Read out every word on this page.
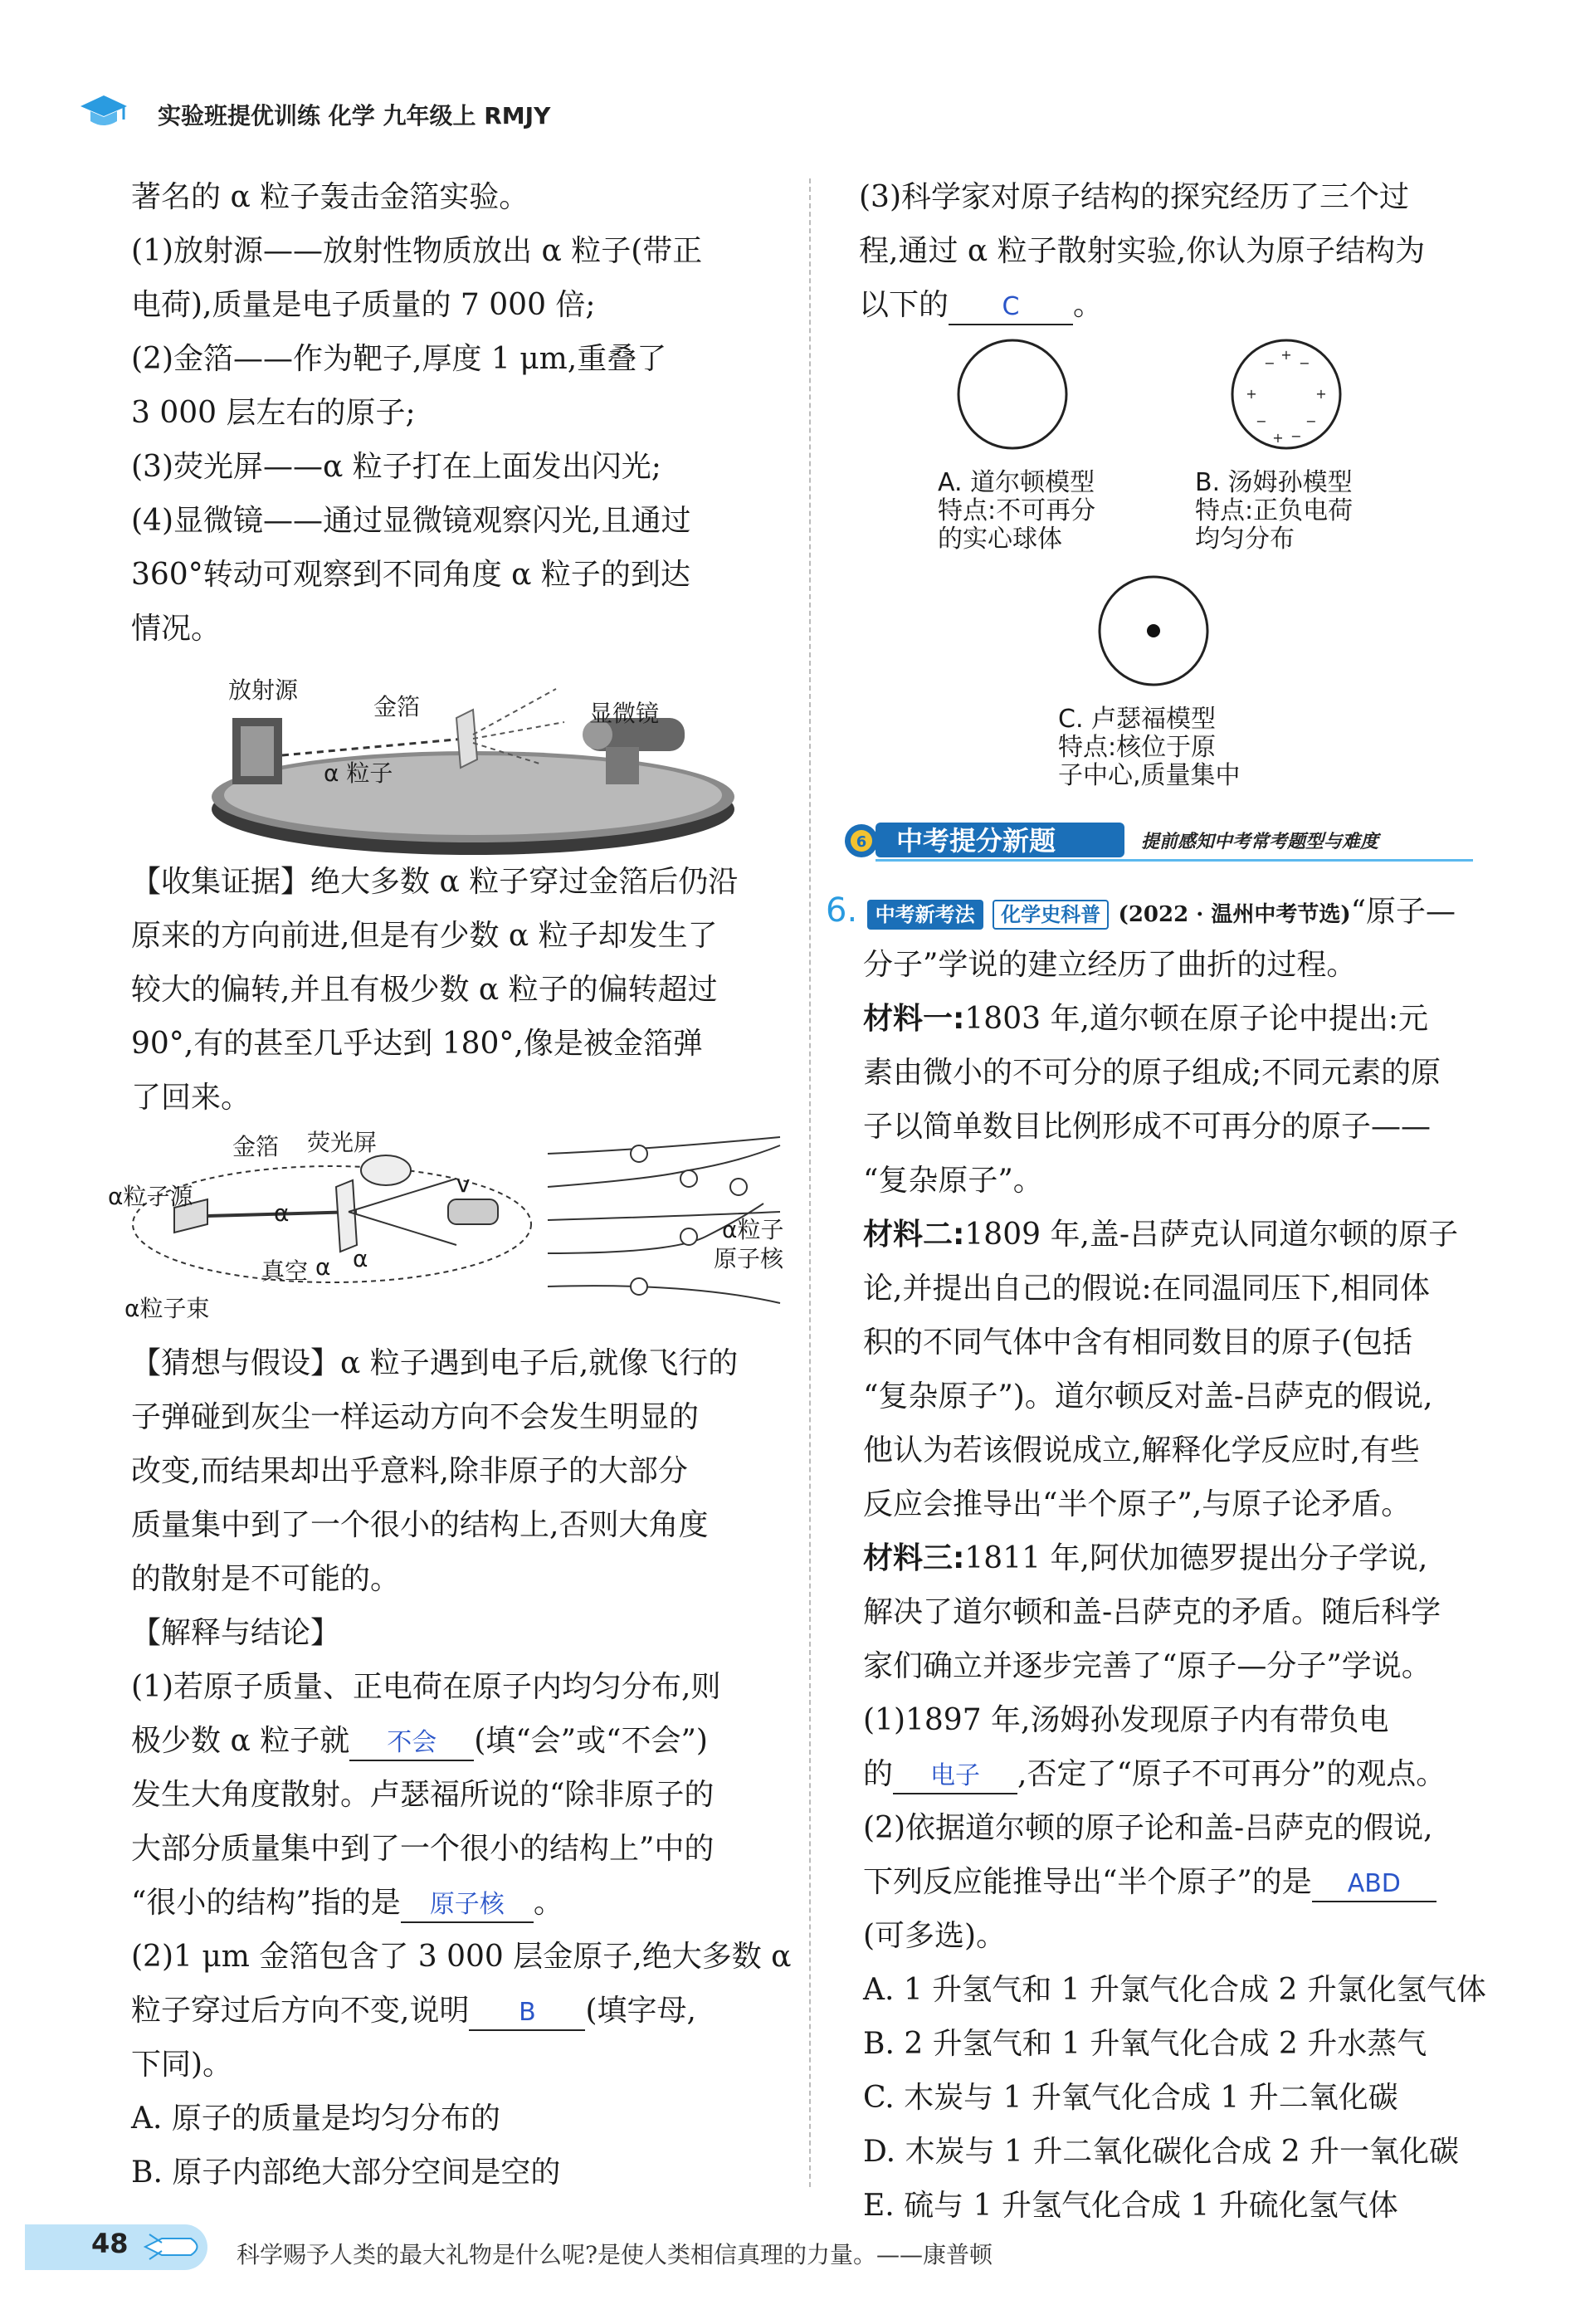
实验班提优训练 化学 九年级上 RMJY

著名的 α 粒子轰击金箔实验。

(1)放射源——放射性物质放出 α 粒子(带正

电荷),质量是电子质量的 7 000 倍;

(2)金箔——作为靶子,厚度 1 μm,重叠了

3 000 层左右的原子;

(3)荧光屏——α 粒子打在上面发出闪光;

(4)显微镜——通过显微镜观察闪光,且通过

360°转动可观察到不同角度 α 粒子的到达

情况。

放射源
金箔	显微镜
α 粒子

【收集证据】绝大多数 α 粒子穿过金箔后仍沿

原来的方向前进,但是有少数 α 粒子却发生了

较大的偏转,并且有极少数 α 粒子的偏转超过

90°,有的甚至几乎达到 180°,像是被金箔弹

了回来。

金箔 荧光屏
α粒子源	v
α
真空 α α
α粒子束
α粒子
原子核

【猜想与假设】α 粒子遇到电子后,就像飞行的

子弹碰到灰尘一样运动方向不会发生明显的

改变,而结果却出乎意料,除非原子的大部分

质量集中到了一个很小的结构上,否则大角度

的散射是不可能的。

【解释与结论】

(1)若原子质量、正电荷在原子内均匀分布,则

极少数 α 粒子就 不会 (填“会”或“不会”)

发生大角度散射。卢瑟福所说的“除非原子的

大部分质量集中到了一个很小的结构上”中的

“很小的结构”指的是 原子核 。

(2)1 μm 金箔包含了 3 000 层金原子,绝大多数 α

粒子穿过后方向不变,说明 B (填字母,

下同)。

A. 原子的质量是均匀分布的

B. 原子内部绝大部分空间是空的

(3)科学家对原子结构的探究经历了三个过

程,通过 α 粒子散射实验,你认为原子结构为

以下的 C 。

A. 道尔顿模型
特点:不可再分
的实心球体
+
− −
+	+
−	−
+ −
B. 汤姆孙模型
特点:正负电荷
均匀分布
C. 卢瑟福模型
特点:核位于原
子中心,质量集中
6 中考提分新题	提前感知中考常考题型与难度

6. 中考新考法 化学史科普 (2022 · 温州中考节选)“原子—

分子”学说的建立经历了曲折的过程。

材料一:1803 年,道尔顿在原子论中提出:元

素由微小的不可分的原子组成;不同元素的原

子以简单数目比例形成不可再分的原子——

“复杂原子”。

材料二:1809 年,盖-吕萨克认同道尔顿的原子

论,并提出自己的假说:在同温同压下,相同体

积的不同气体中含有相同数目的原子(包括

“复杂原子”)。道尔顿反对盖-吕萨克的假说,

他认为若该假说成立,解释化学反应时,有些

反应会推导出“半个原子”,与原子论矛盾。

材料三:1811 年,阿伏加德罗提出分子学说,

解决了道尔顿和盖-吕萨克的矛盾。随后科学

家们确立并逐步完善了“原子—分子”学说。

(1)1897 年,汤姆孙发现原子内有带负电

的 电子 ,否定了“原子不可再分”的观点。

(2)依据道尔顿的原子论和盖-吕萨克的假说,

下列反应能推导出“半个原子”的是 ABD

(可多选)。

A. 1 升氢气和 1 升氯气化合成 2 升氯化氢气体

B. 2 升氢气和 1 升氧气化合成 2 升水蒸气

C. 木炭与 1 升氧气化合成 1 升二氧化碳

D. 木炭与 1 升二氧化碳化合成 2 升一氧化碳

E. 硫与 1 升氢气化合成 1 升硫化氢气体

48	科学赐予人类的最大礼物是什么呢?是使人类相信真理的力量。——康普顿
